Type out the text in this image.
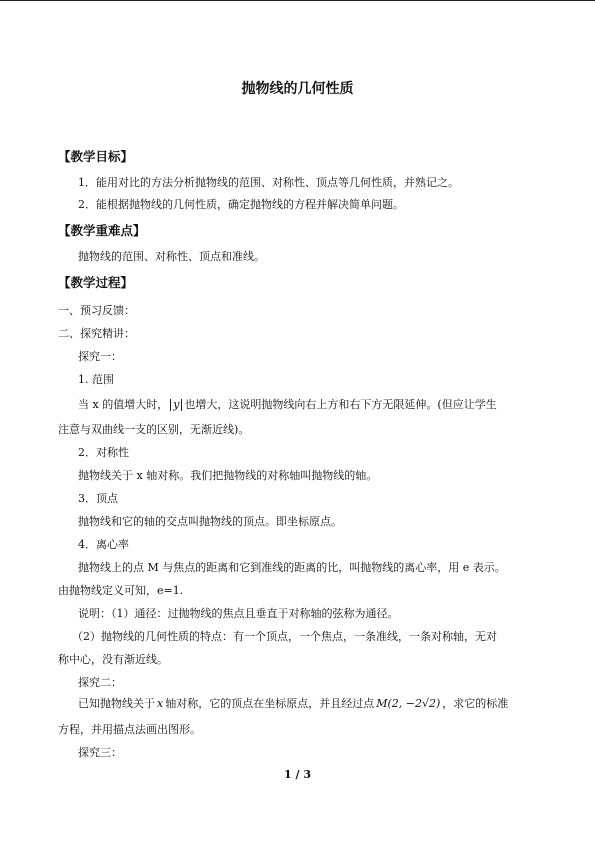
抛物线的几何性质
【教学目标】
1．能用对比的方法分析抛物线的范围、对称性、顶点等几何性质，并熟记之。
2．能根据抛物线的几何性质，确定抛物线的方程并解决简单问题。
【教学重难点】
抛物线的范围、对称性、顶点和准线。
【教学过程】
一、预习反馈：
二、探究精讲：
探究一：
1. 范围
当 x 的值增大时， y 也增大，这说明抛物线向右上方和右下方无限延伸。(但应让学生
注意与双曲线一支的区别，无渐近线)。
2．对称性
抛物线关于 x 轴对称。我们把抛物线的对称轴叫抛物线的轴。
3．顶点
抛物线和它的轴的交点叫抛物线的顶点。即坐标原点。
4．离心率
抛物线上的点 M 与焦点的距离和它到准线的距离的比，叫抛物线的离心率，用 e 表示。
由抛物线定义可知，e=1.
说明：（1）通径：过抛物线的焦点且垂直于对称轴的弦称为通径。
（2）抛物线的几何性质的特点：有一个顶点，一个焦点，一条准线，一条对称轴，无对
称中心，没有渐近线。
探究二：
已知抛物线关于 x 轴对称，它的顶点在坐标原点，并且经过点 M(2, −2√2) ，求它的标准
方程，并用描点法画出图形。
探究三：
1 / 3
